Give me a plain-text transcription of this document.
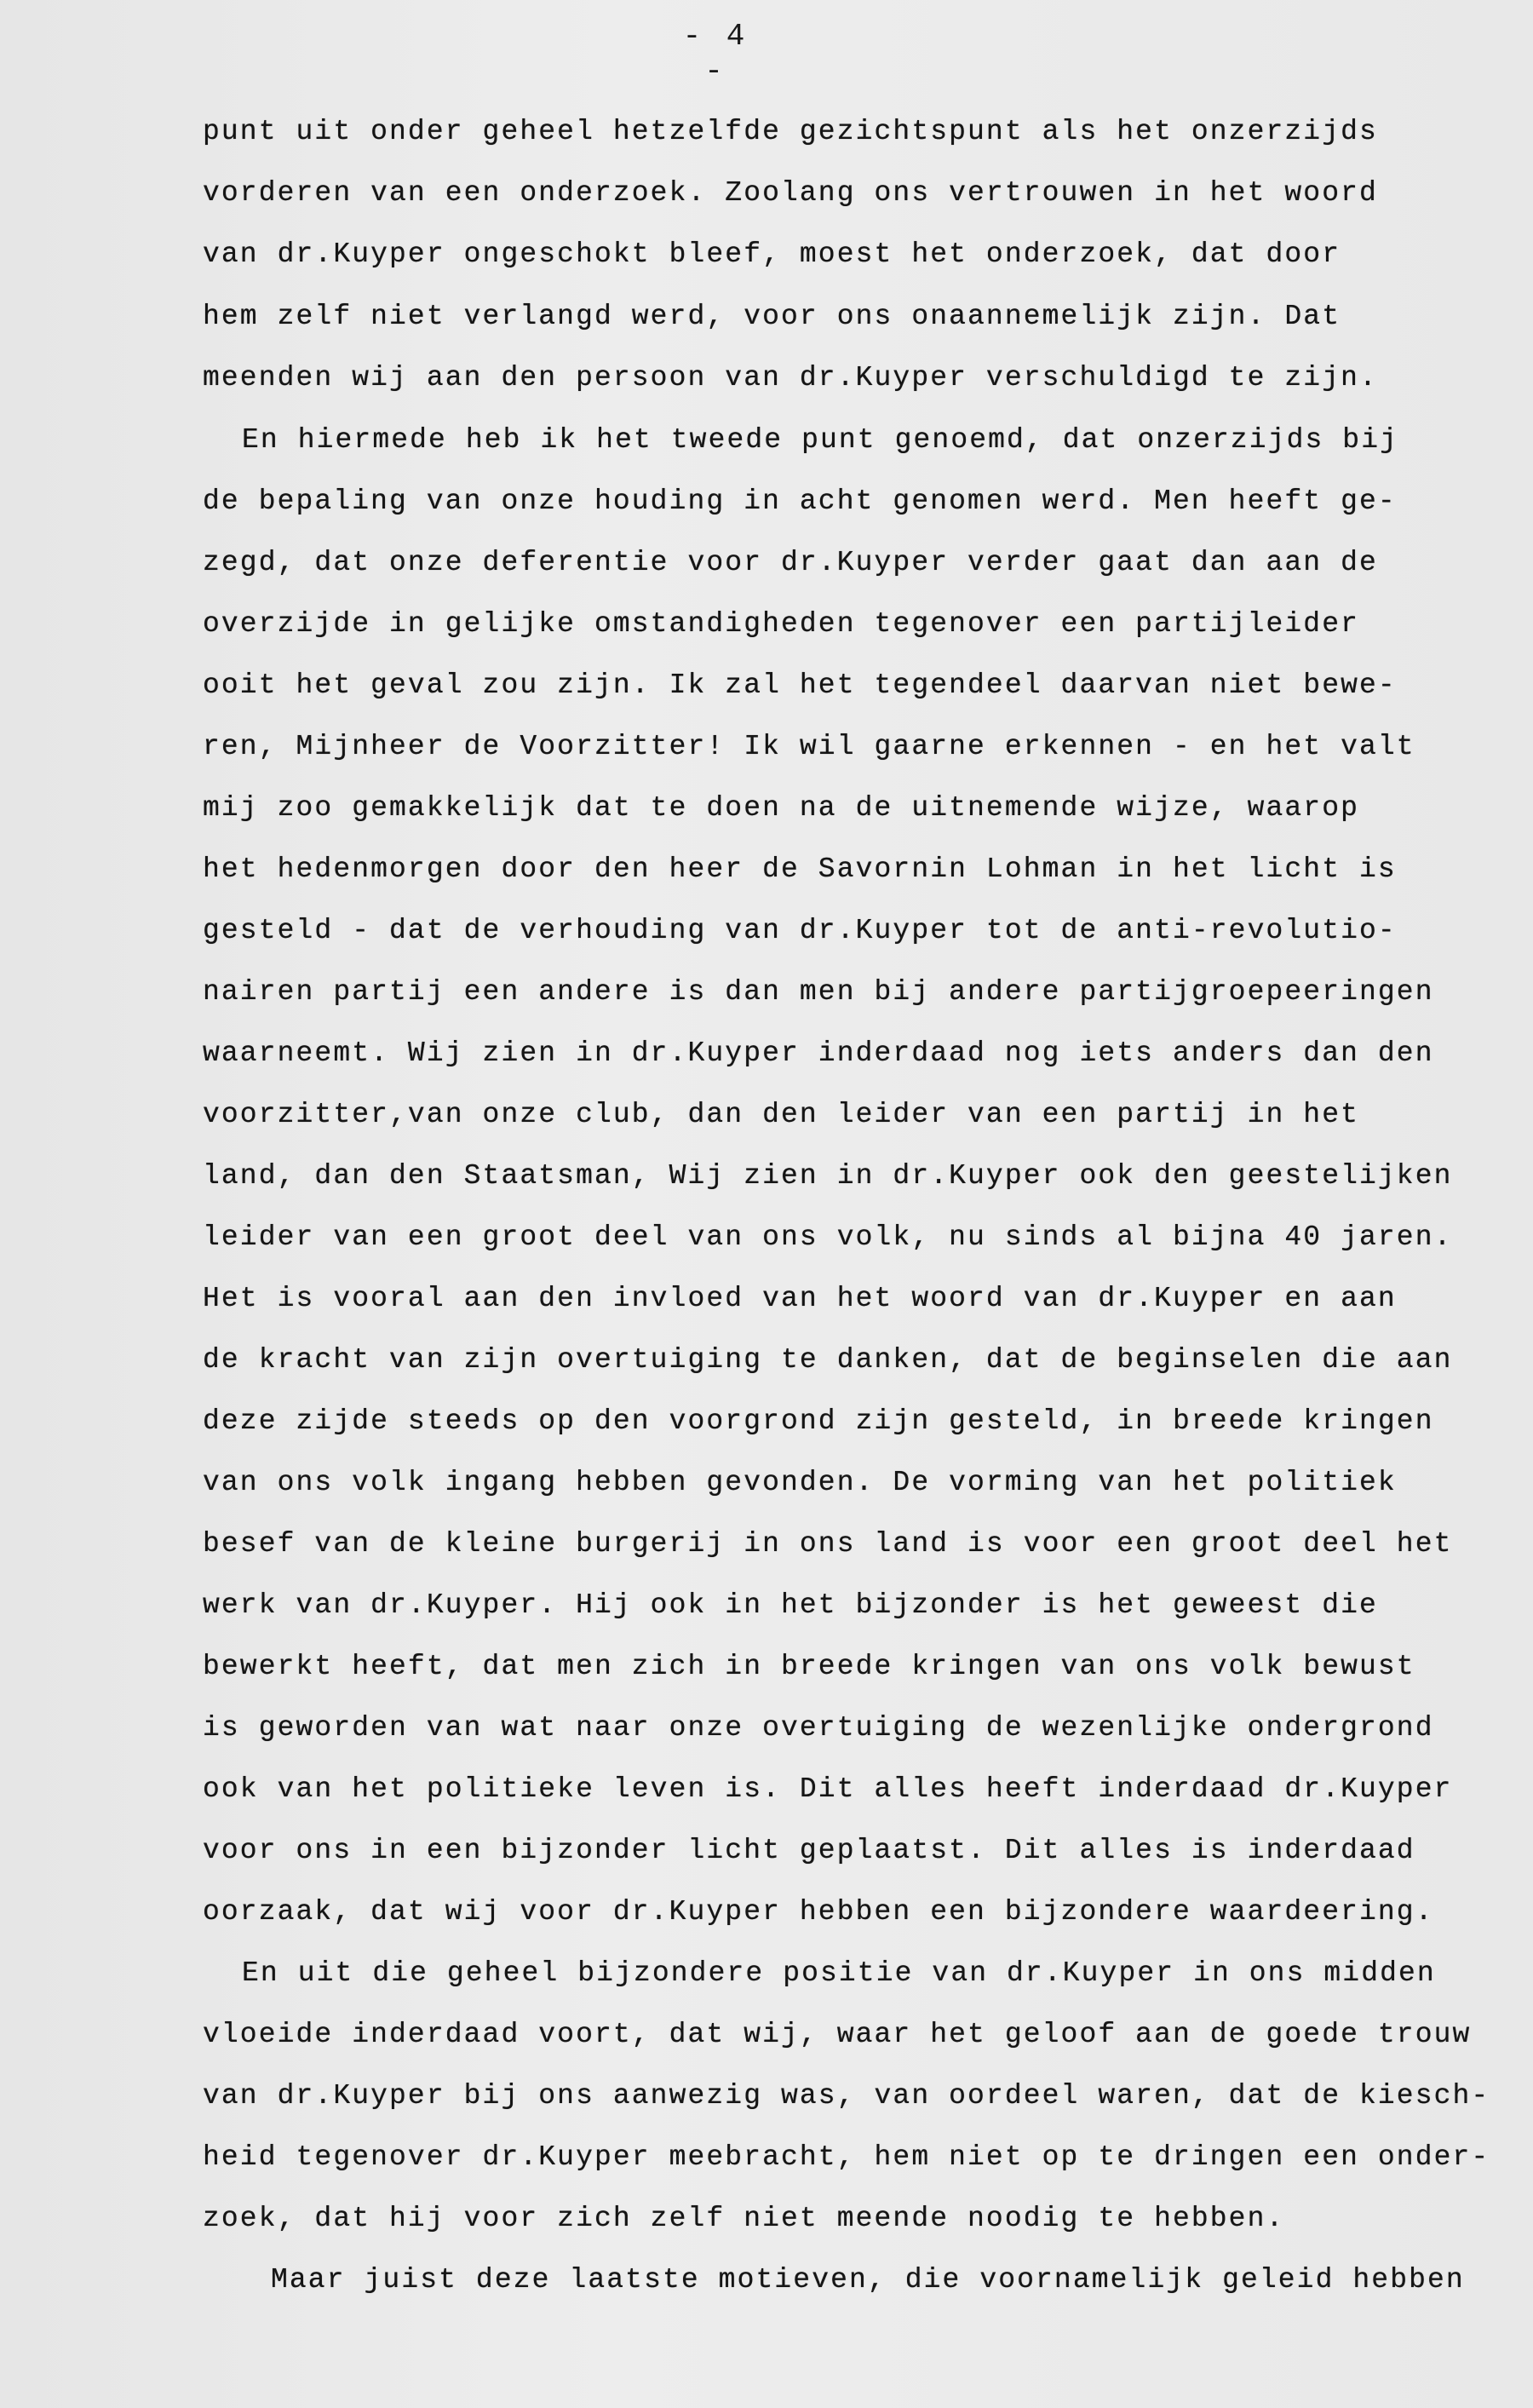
- 4 -
punt uit onder geheel hetzelfde gezichtspunt als het onzerzijds
vorderen van een onderzoek. Zoolang ons vertrouwen in het woord
van dr.Kuyper ongeschokt bleef, moest het onderzoek, dat door
hem zelf niet verlangd werd, voor ons onaannemelijk zijn. Dat
meenden wij aan den persoon van dr.Kuyper verschuldigd te zijn.
En hiermede heb ik het tweede punt genoemd, dat onzerzijds bij
de bepaling van onze houding in acht genomen werd. Men heeft ge-
zegd, dat onze deferentie voor dr.Kuyper verder gaat dan aan de
overzijde in gelijke omstandigheden tegenover een partijleider
ooit het geval zou zijn. Ik zal het tegendeel daarvan niet bewe-
ren, Mijnheer de Voorzitter! Ik wil gaarne erkennen - en het valt
mij zoo gemakkelijk dat te doen na de uitnemende wijze, waarop
het hedenmorgen door den heer de Savornin Lohman in het licht is
gesteld - dat de verhouding van dr.Kuyper tot de anti-revolutio-
nairen partij een andere is dan men bij andere partijgroepeeringen
waarneemt. Wij zien in dr.Kuyper inderdaad nog iets anders dan den
voorzitter,van onze club, dan den leider van een partij in het
land, dan den Staatsman, Wij zien in dr.Kuyper ook den geestelijken
leider van een groot deel van ons volk, nu sinds al bijna 40 jaren.
Het is vooral aan den invloed van het woord van dr.Kuyper en aan
de kracht van zijn overtuiging te danken, dat de beginselen die aan
deze zijde steeds op den voorgrond zijn gesteld, in breede kringen
van ons volk ingang hebben gevonden. De vorming van het politiek
besef van de kleine burgerij in ons land is voor een groot deel het
werk van dr.Kuyper. Hij ook in het bijzonder is het geweest die
bewerkt heeft, dat men zich in breede kringen van ons volk bewust
is geworden van wat naar onze overtuiging de wezenlijke ondergrond
ook van het politieke leven is. Dit alles heeft inderdaad dr.Kuyper
voor ons in een bijzonder licht geplaatst. Dit alles is inderdaad
oorzaak, dat wij voor dr.Kuyper hebben een bijzondere waardeering.
En uit die geheel bijzondere positie van dr.Kuyper in ons midden
vloeide inderdaad voort, dat wij, waar het geloof aan de goede trouw
van dr.Kuyper bij ons aanwezig was, van oordeel waren, dat de kiesch-
heid tegenover dr.Kuyper meebracht, hem niet op te dringen een onder-
zoek, dat hij voor zich zelf niet meende noodig te hebben.
Maar juist deze laatste motieven, die voornamelijk geleid hebben
